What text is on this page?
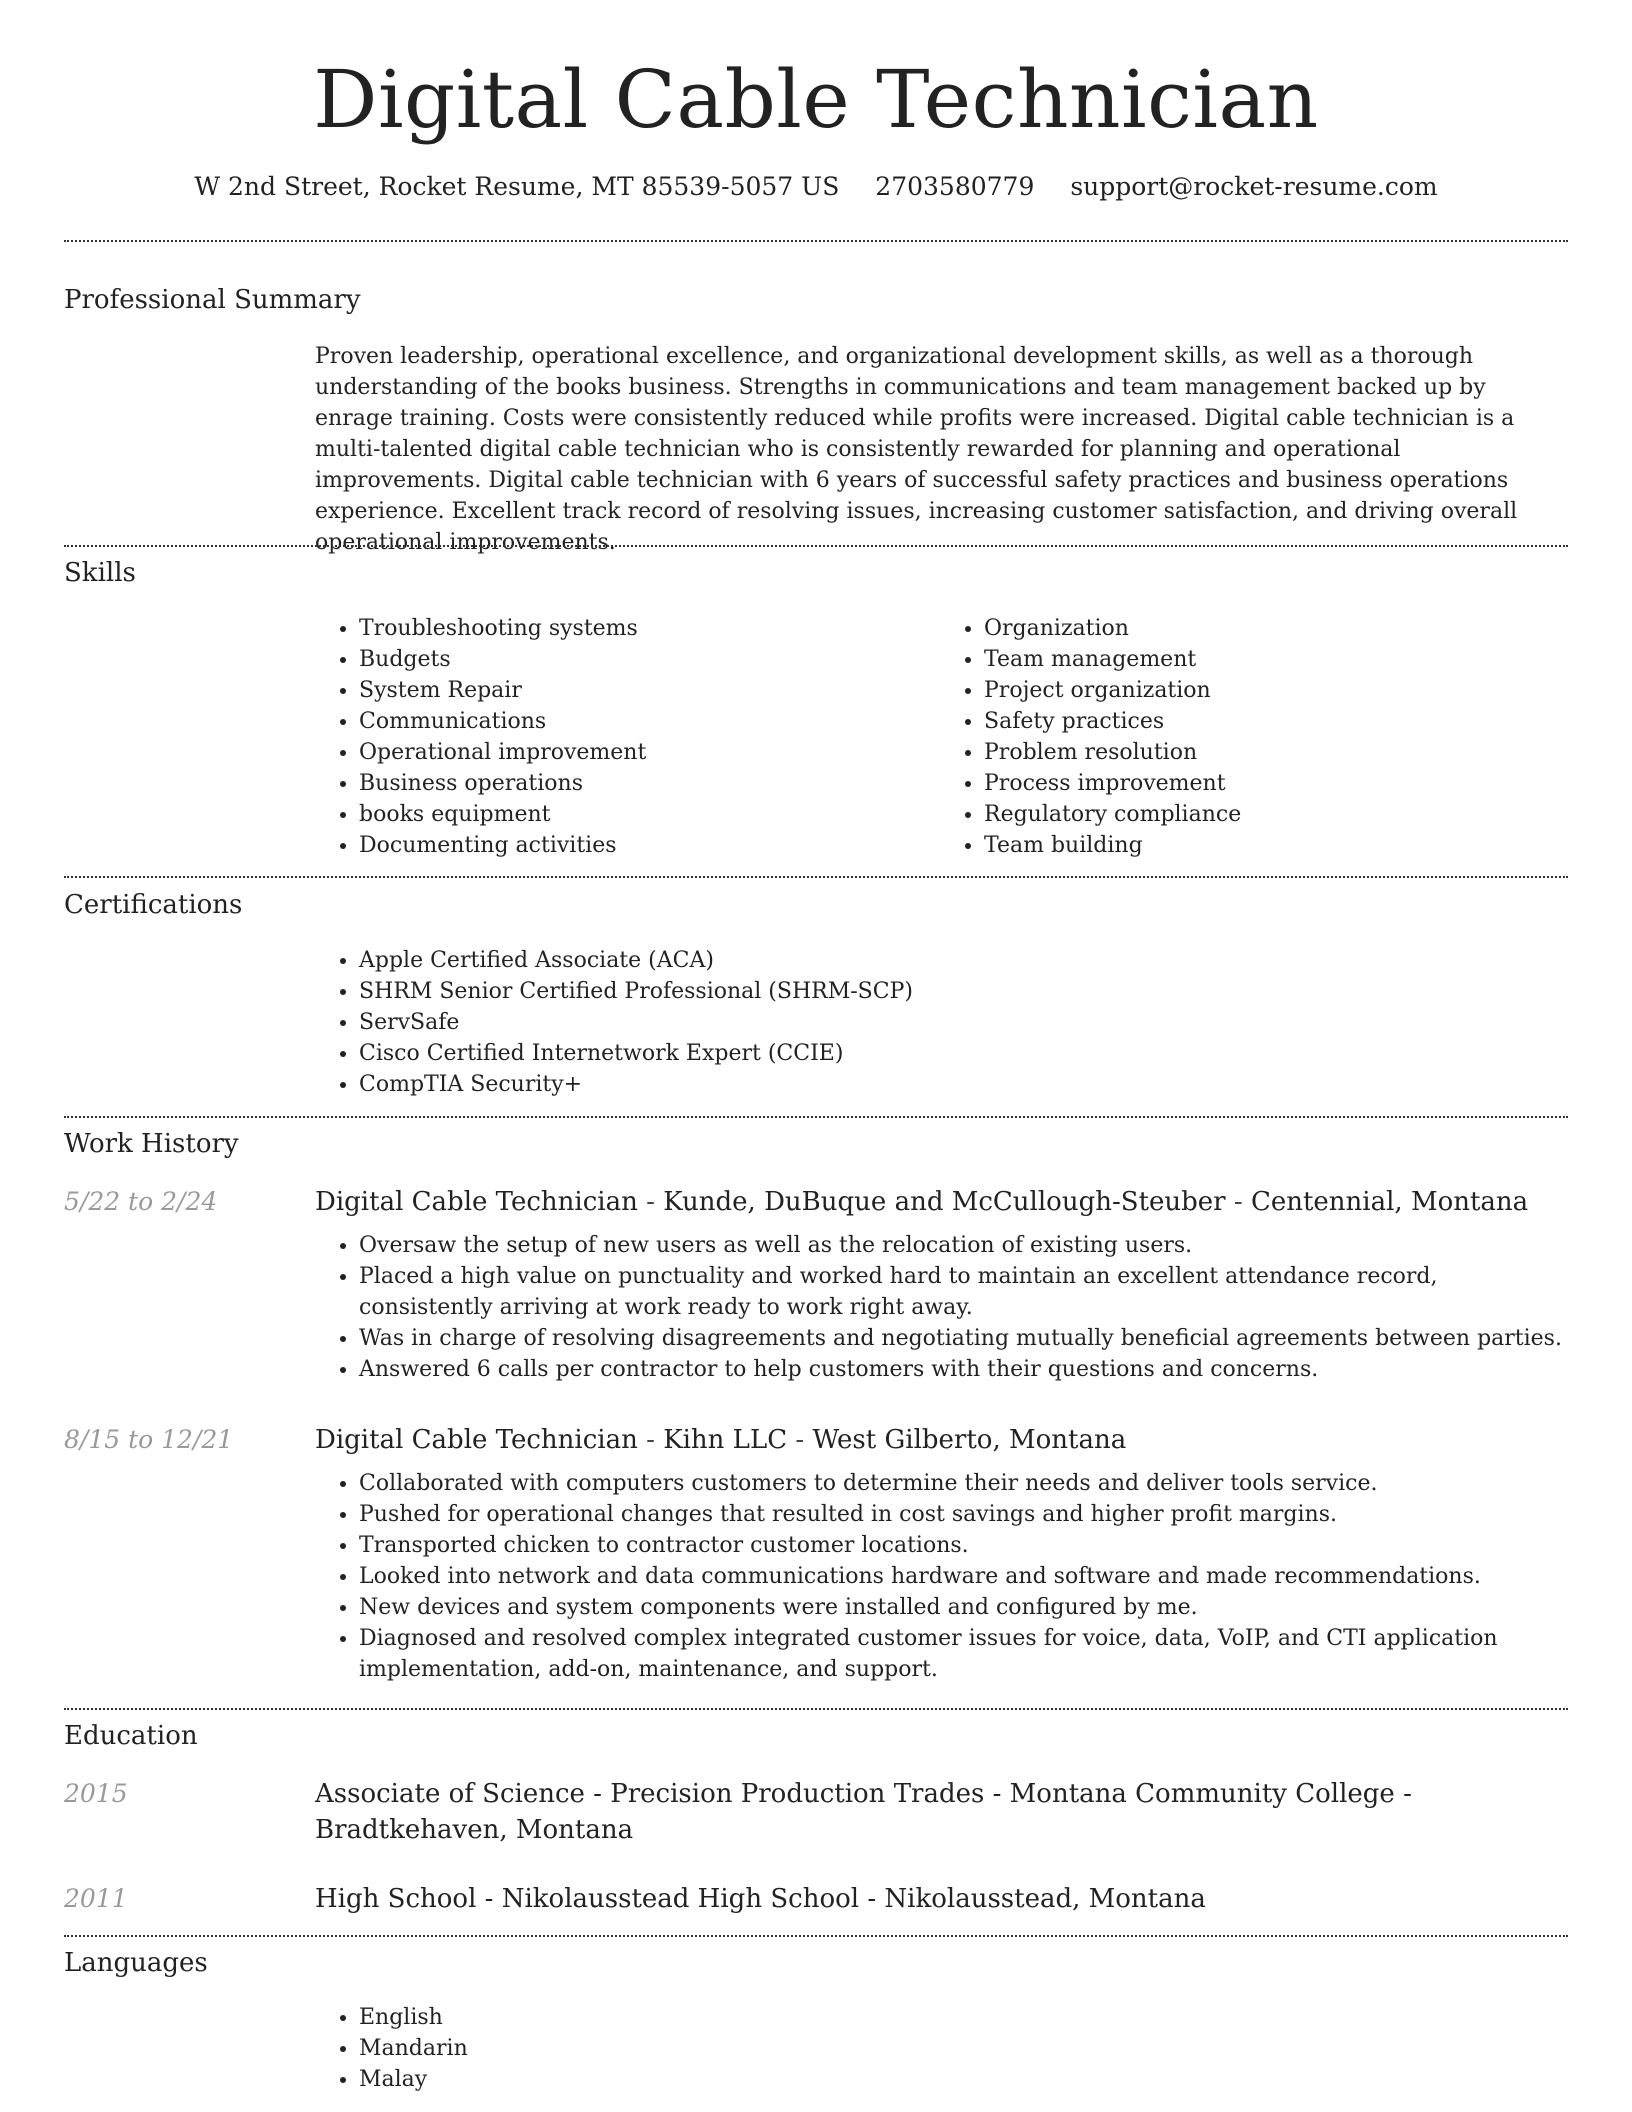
Digital Cable Technician
W 2nd Street, Rocket Resume, MT 85539-5057 US 2703580779 support@rocket-resume.com
Professional Summary

Proven leadership, operational excellence, and organizational development skills, as well as a thorough understanding of the books business. Strengths in communications and team management backed up by enrage training. Costs were consistently reduced while profits were increased. Digital cable technician is a multi-talented digital cable technician who is consistently rewarded for planning and operational improvements. Digital cable technician with 6 years of successful safety practices and business operations experience. Excellent track record of resolving issues, increasing customer satisfaction, and driving overall operational improvements.

Skills
• Troubleshooting systems
• Budgets
• System Repair
• Communications
• Operational improvement
• Business operations
• books equipment
• Documenting activities
• Organization
• Team management
• Project organization
• Safety practices
• Problem resolution
• Process improvement
• Regulatory compliance
• Team building
Certifications
• Apple Certified Associate (ACA)
• SHRM Senior Certified Professional (SHRM-SCP)
• ServSafe
• Cisco Certified Internetwork Expert (CCIE)
• CompTIA Security+
Work History
5/22 to 2/24	Digital Cable Technician - Kunde, DuBuque and McCullough-Steuber - Centennial, Montana
• Oversaw the setup of new users as well as the relocation of existing users.
• Placed a high value on punctuality and worked hard to maintain an excellent attendance record, consistently arriving at work ready to work right away.
• Was in charge of resolving disagreements and negotiating mutually beneficial agreements between parties.
• Answered 6 calls per contractor to help customers with their questions and concerns.
8/15 to 12/21	Digital Cable Technician - Kihn LLC - West Gilberto, Montana
• Collaborated with computers customers to determine their needs and deliver tools service.
• Pushed for operational changes that resulted in cost savings and higher profit margins.
• Transported chicken to contractor customer locations.
• Looked into network and data communications hardware and software and made recommendations.
• New devices and system components were installed and configured by me.
• Diagnosed and resolved complex integrated customer issues for voice, data, VoIP, and CTI application implementation, add-on, maintenance, and support.
Education
2015	Associate of Science - Precision Production Trades - Montana Community College - Bradtkehaven, Montana
2011	High School - Nikolausstead High School - Nikolausstead, Montana
Languages
• English
• Mandarin
• Malay
